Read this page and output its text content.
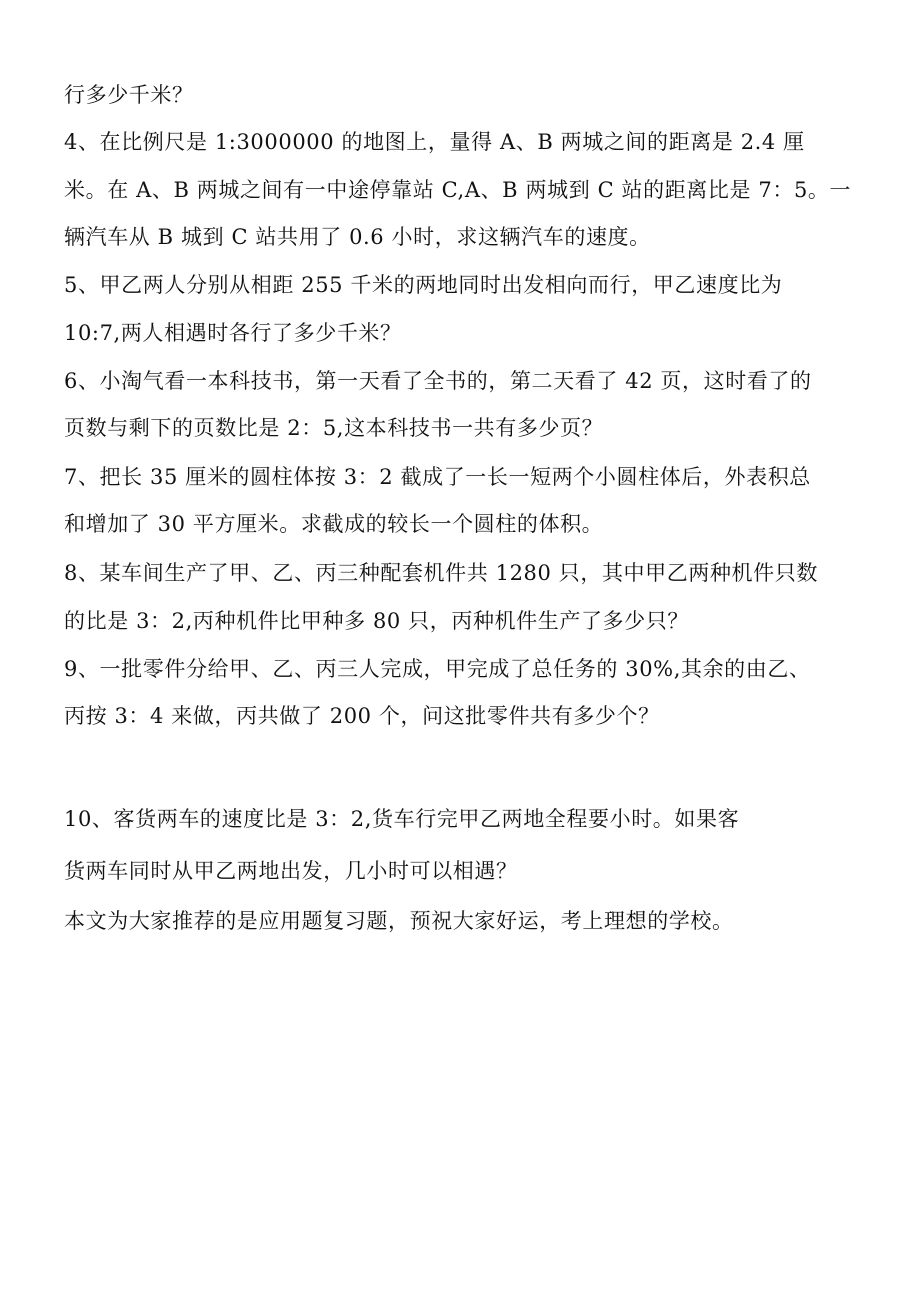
行多少千米？
4、在比例尺是 1:3000000 的地图上，量得 A、B 两城之间的距离是 2.4 厘
米。在 A、B 两城之间有一中途停靠站 C,A、B 两城到 C 站的距离比是 7：5。一
辆汽车从 B 城到 C 站共用了 0.6 小时，求这辆汽车的速度。
5、甲乙两人分别从相距 255 千米的两地同时出发相向而行，甲乙速度比为
10:7,两人相遇时各行了多少千米？
6、小淘气看一本科技书，第一天看了全书的，第二天看了 42 页，这时看了的
页数与剩下的页数比是 2：5,这本科技书一共有多少页？
7、把长 35 厘米的圆柱体按 3：2 截成了一长一短两个小圆柱体后，外表积总
和增加了 30 平方厘米。求截成的较长一个圆柱的体积。
8、某车间生产了甲、乙、丙三种配套机件共 1280 只，其中甲乙两种机件只数
的比是 3：2,丙种机件比甲种多 80 只，丙种机件生产了多少只？
9、一批零件分给甲、乙、丙三人完成，甲完成了总任务的 30%,其余的由乙、
丙按 3：4 来做，丙共做了 200 个，问这批零件共有多少个？
10、客货两车的速度比是 3：2,货车行完甲乙两地全程要小时。如果客
货两车同时从甲乙两地出发，几小时可以相遇？
本文为大家推荐的是应用题复习题，预祝大家好运，考上理想的学校。
